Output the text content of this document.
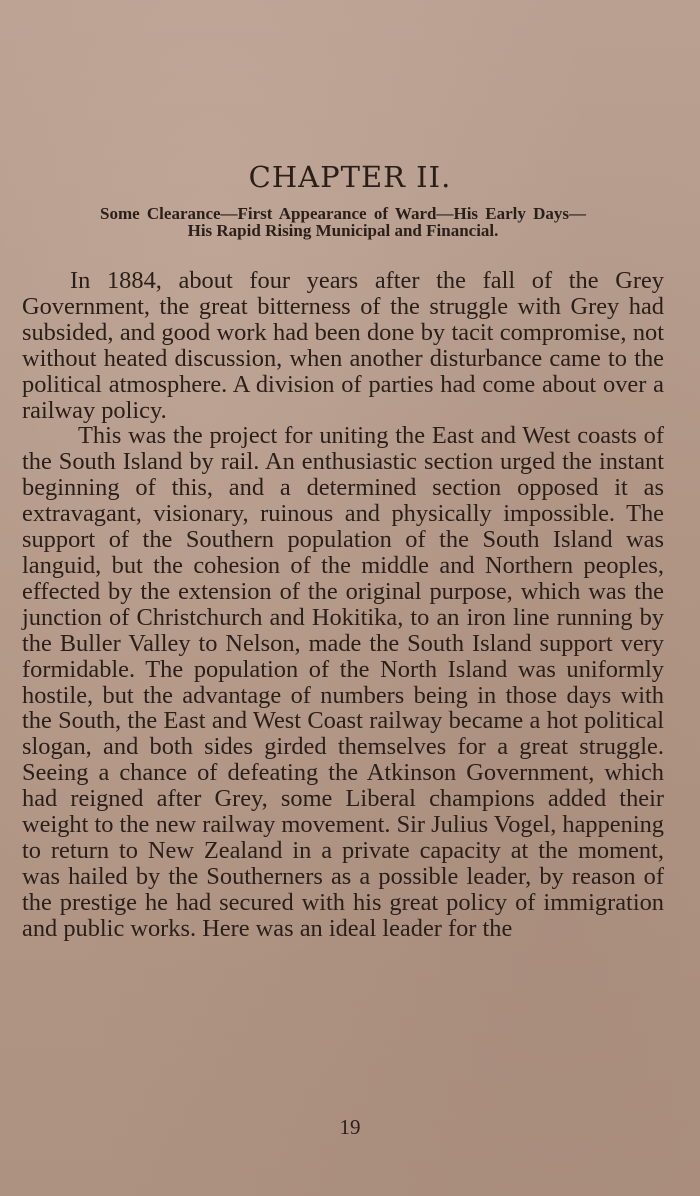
CHAPTER II.
Some Clearance—First Appearance of Ward—His Early Days—His Rapid Rising Municipal and Financial.

In 1884, about four years after the fall of the Grey Government, the great bitterness of the struggle with Grey had subsided, and good work had been done by tacit compromise, not without heated discussion, when another disturbance came to the political atmosphere. A division of parties had come about over a railway policy.

This was the project for uniting the East and West coasts of the South Island by rail. An enthusiastic section urged the instant beginning of this, and a determined section opposed it as extravagant, visionary, ruinous and physically impossible. The support of the Southern population of the South Island was languid, but the cohesion of the middle and Northern peoples, effected by the extension of the original purpose, which was the junction of Christchurch and Hokitika, to an iron line running by the Buller Valley to Nelson, made the South Island support very formidable. The population of the North Island was uniformly hostile, but the advantage of numbers being in those days with the South, the East and West Coast railway became a hot political slogan, and both sides girded themselves for a great struggle. Seeing a chance of defeating the Atkinson Government, which had reigned after Grey, some Liberal champions added their weight to the new railway movement. Sir Julius Vogel, happening to return to New Zealand in a private capacity at the moment, was hailed by the Southerners as a possible leader, by reason of the prestige he had secured with his great policy of immigration and public works. Here was an ideal leader for the

19
